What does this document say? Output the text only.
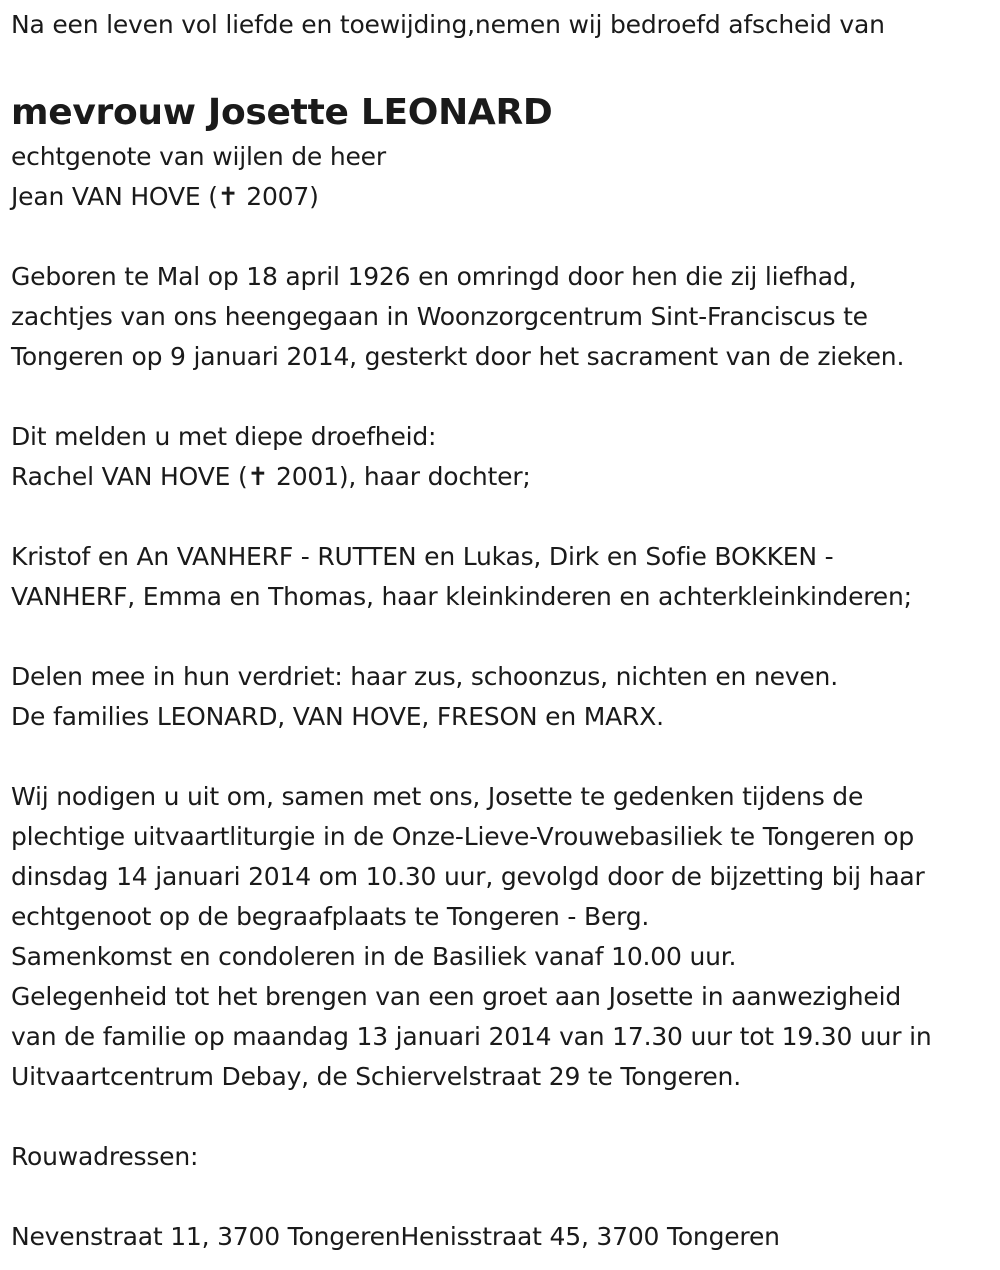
Na een leven vol liefde en toewijding,nemen wij bedroefd afscheid van
mevrouw Josette LEONARD
echtgenote van wijlen de heer
Jean VAN HOVE (✝ 2007)
Geboren te Mal op 18 april 1926 en omringd door hen die zij liefhad,
zachtjes van ons heengegaan in Woonzorgcentrum Sint-Franciscus te
Tongeren op 9 januari 2014, gesterkt door het sacrament van de zieken.
Dit melden u met diepe droefheid:
Rachel VAN HOVE (✝ 2001), haar dochter;
Kristof en An VANHERF - RUTTEN en Lukas, Dirk en Sofie BOKKEN -
VANHERF, Emma en Thomas, haar kleinkinderen en achterkleinkinderen;
Delen mee in hun verdriet: haar zus, schoonzus, nichten en neven.
De families LEONARD, VAN HOVE, FRESON en MARX.
Wij nodigen u uit om, samen met ons, Josette te gedenken tijdens de
plechtige uitvaartliturgie in de Onze-Lieve-Vrouwebasiliek te Tongeren op
dinsdag 14 januari 2014 om 10.30 uur, gevolgd door de bijzetting bij haar
echtgenoot op de begraafplaats te Tongeren - Berg.
Samenkomst en condoleren in de Basiliek vanaf 10.00 uur.
Gelegenheid tot het brengen van een groet aan Josette in aanwezigheid
van de familie op maandag 13 januari 2014 van 17.30 uur tot 19.30 uur in
Uitvaartcentrum Debay, de Schiervelstraat 29 te Tongeren.
Rouwadressen:
Nevenstraat 11, 3700 TongerenHenisstraat 45, 3700 Tongeren
